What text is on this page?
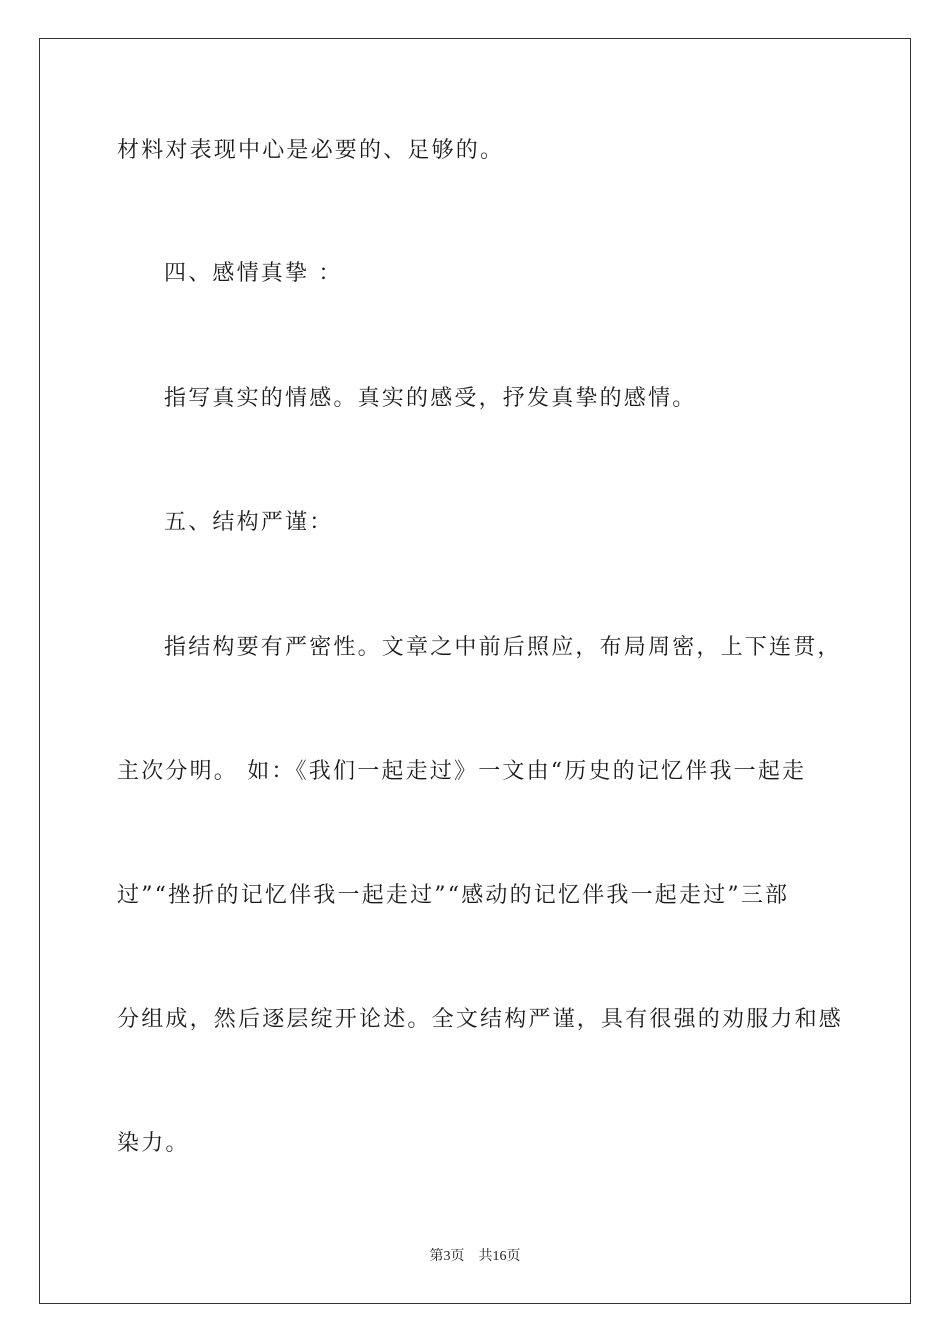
材料对表现中心是必要的、足够的。
四、感情真挚 ：
指写真实的情感。真实的感受，抒发真挚的感情。
五、结构严谨：
指结构要有严密性。文章之中前后照应，布局周密，上下连贯，
主次分明。 如：《我们一起走过》一文由“历史的记忆伴我一起走
过”“挫折的记忆伴我一起走过”“感动的记忆伴我一起走过”三部
分组成，然后逐层绽开论述。全文结构严谨，具有很强的劝服力和感
染力。
第3页 共16页
